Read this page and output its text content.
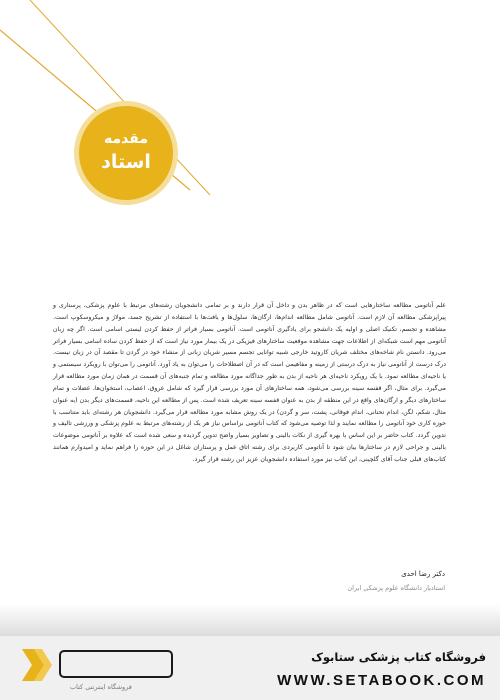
مقدمه
استاد
علم آناتومی مطالعه ساختارهایی است که در ظاهر بدن و داخل آن قرار دارند و بر تمامی دانشجویان رشته‌های مرتبط با علوم پزشکی، پرستاری و پیراپزشکی مطالعه آن لازم است. آناتومی شامل مطالعه اندام‌ها، ارگان‌ها، سلول‌ها و بافت‌ها با استفاده از تشریح جسد، مولاژ و میکروسکوپ است. مشاهده و تجسم، تکنیک اصلی و اولیه یک دانشجو برای یادگیری آناتومی است. آناتومی بسیار فراتر از حفظ کردن لیستی اسامی است. اگر چه زبان آناتومی مهم است شبکه‌ای از اطلاعات جهت مشاهده موقعیت ساختارهای فیزیکی در یک بیمار مورد نیاز است که از حفظ کردن ساده اسامی بسیار فراتر می‌رود. دانستن نام شاخه‌های مختلف شریان کاروتید خارجی شبیه توانایی تجسم مسیر شریان زبانی از منشاء خود در گردن تا مقصد آن در زبان نیست. درک درست از آناتومی نیاز به درک درستی از زمینه و مفاهیمی است که در آن اصطلاحات را می‌توان به یاد آورد. آناتومی را می‌توان با رویکرد سیستمی و یا ناحیه‌ای مطالعه نمود. با یک رویکرد ناحیه‌ای هر ناحیه از بدن به طور جداگانه مورد مطالعه و تمام جنبه‌های آن قسمت در همان زمان مورد مطالعه قرار می‌گیرد. برای مثال، اگر قفسه سینه بررسی می‌شود، همه ساختارهای آن مورد بررسی قرار گیرد که شامل عروق، اعصاب، استخوان‌ها، عضلات و تمام ساختارهای دیگر و ارگان‌های واقع در این منطقه از بدن به عنوان قفسه سینه تعریف شده است. پس از مطالعه این ناحیه، قسمت‌های دیگر بدن (به عنوان مثال، شکم، لگن، اندام تحتانی، اندام فوقانی، پشت، سر و گردن) در یک روش مشابه مورد مطالعه قرار می‌گیرد. دانشجویان هر رشته‌ای باید متناسب با حوزه کاری خود آناتومی را مطالعه نمایند و لذا توصیه می‌شود که کتاب آناتومی براساس نیاز هر یک از رشته‌های مرتبط به علوم پزشکی و ورزشی تالیف و تدوین گردد. کتاب حاضر بر این اساس با بهره گیری از نکات بالینی و تصاویر بسیار واضح تدوین گردیده و سعی شده است که علاوه بر آناتومی موضوعات بالینی و جراحی لازم در ساختارها بیان شود تا آناتومی کاربردی برای رشته اتاق عمل و پرستاران شاغل در این حوزه را فراهم نماید و امیدوارم همانند کتاب‌های قبلی جناب آقای گلچینی، این کتاب نیز مورد استفاده دانشجویان عزیز این رشته قرار گیرد.
دکتر رضا احدی
استادیار دانشگاه علوم پزشکی ایران
فروشگاه اینترنتی کتاب
فروشگاه کتاب پزشکی ستابوک
WWW.SETABOOK.COM
